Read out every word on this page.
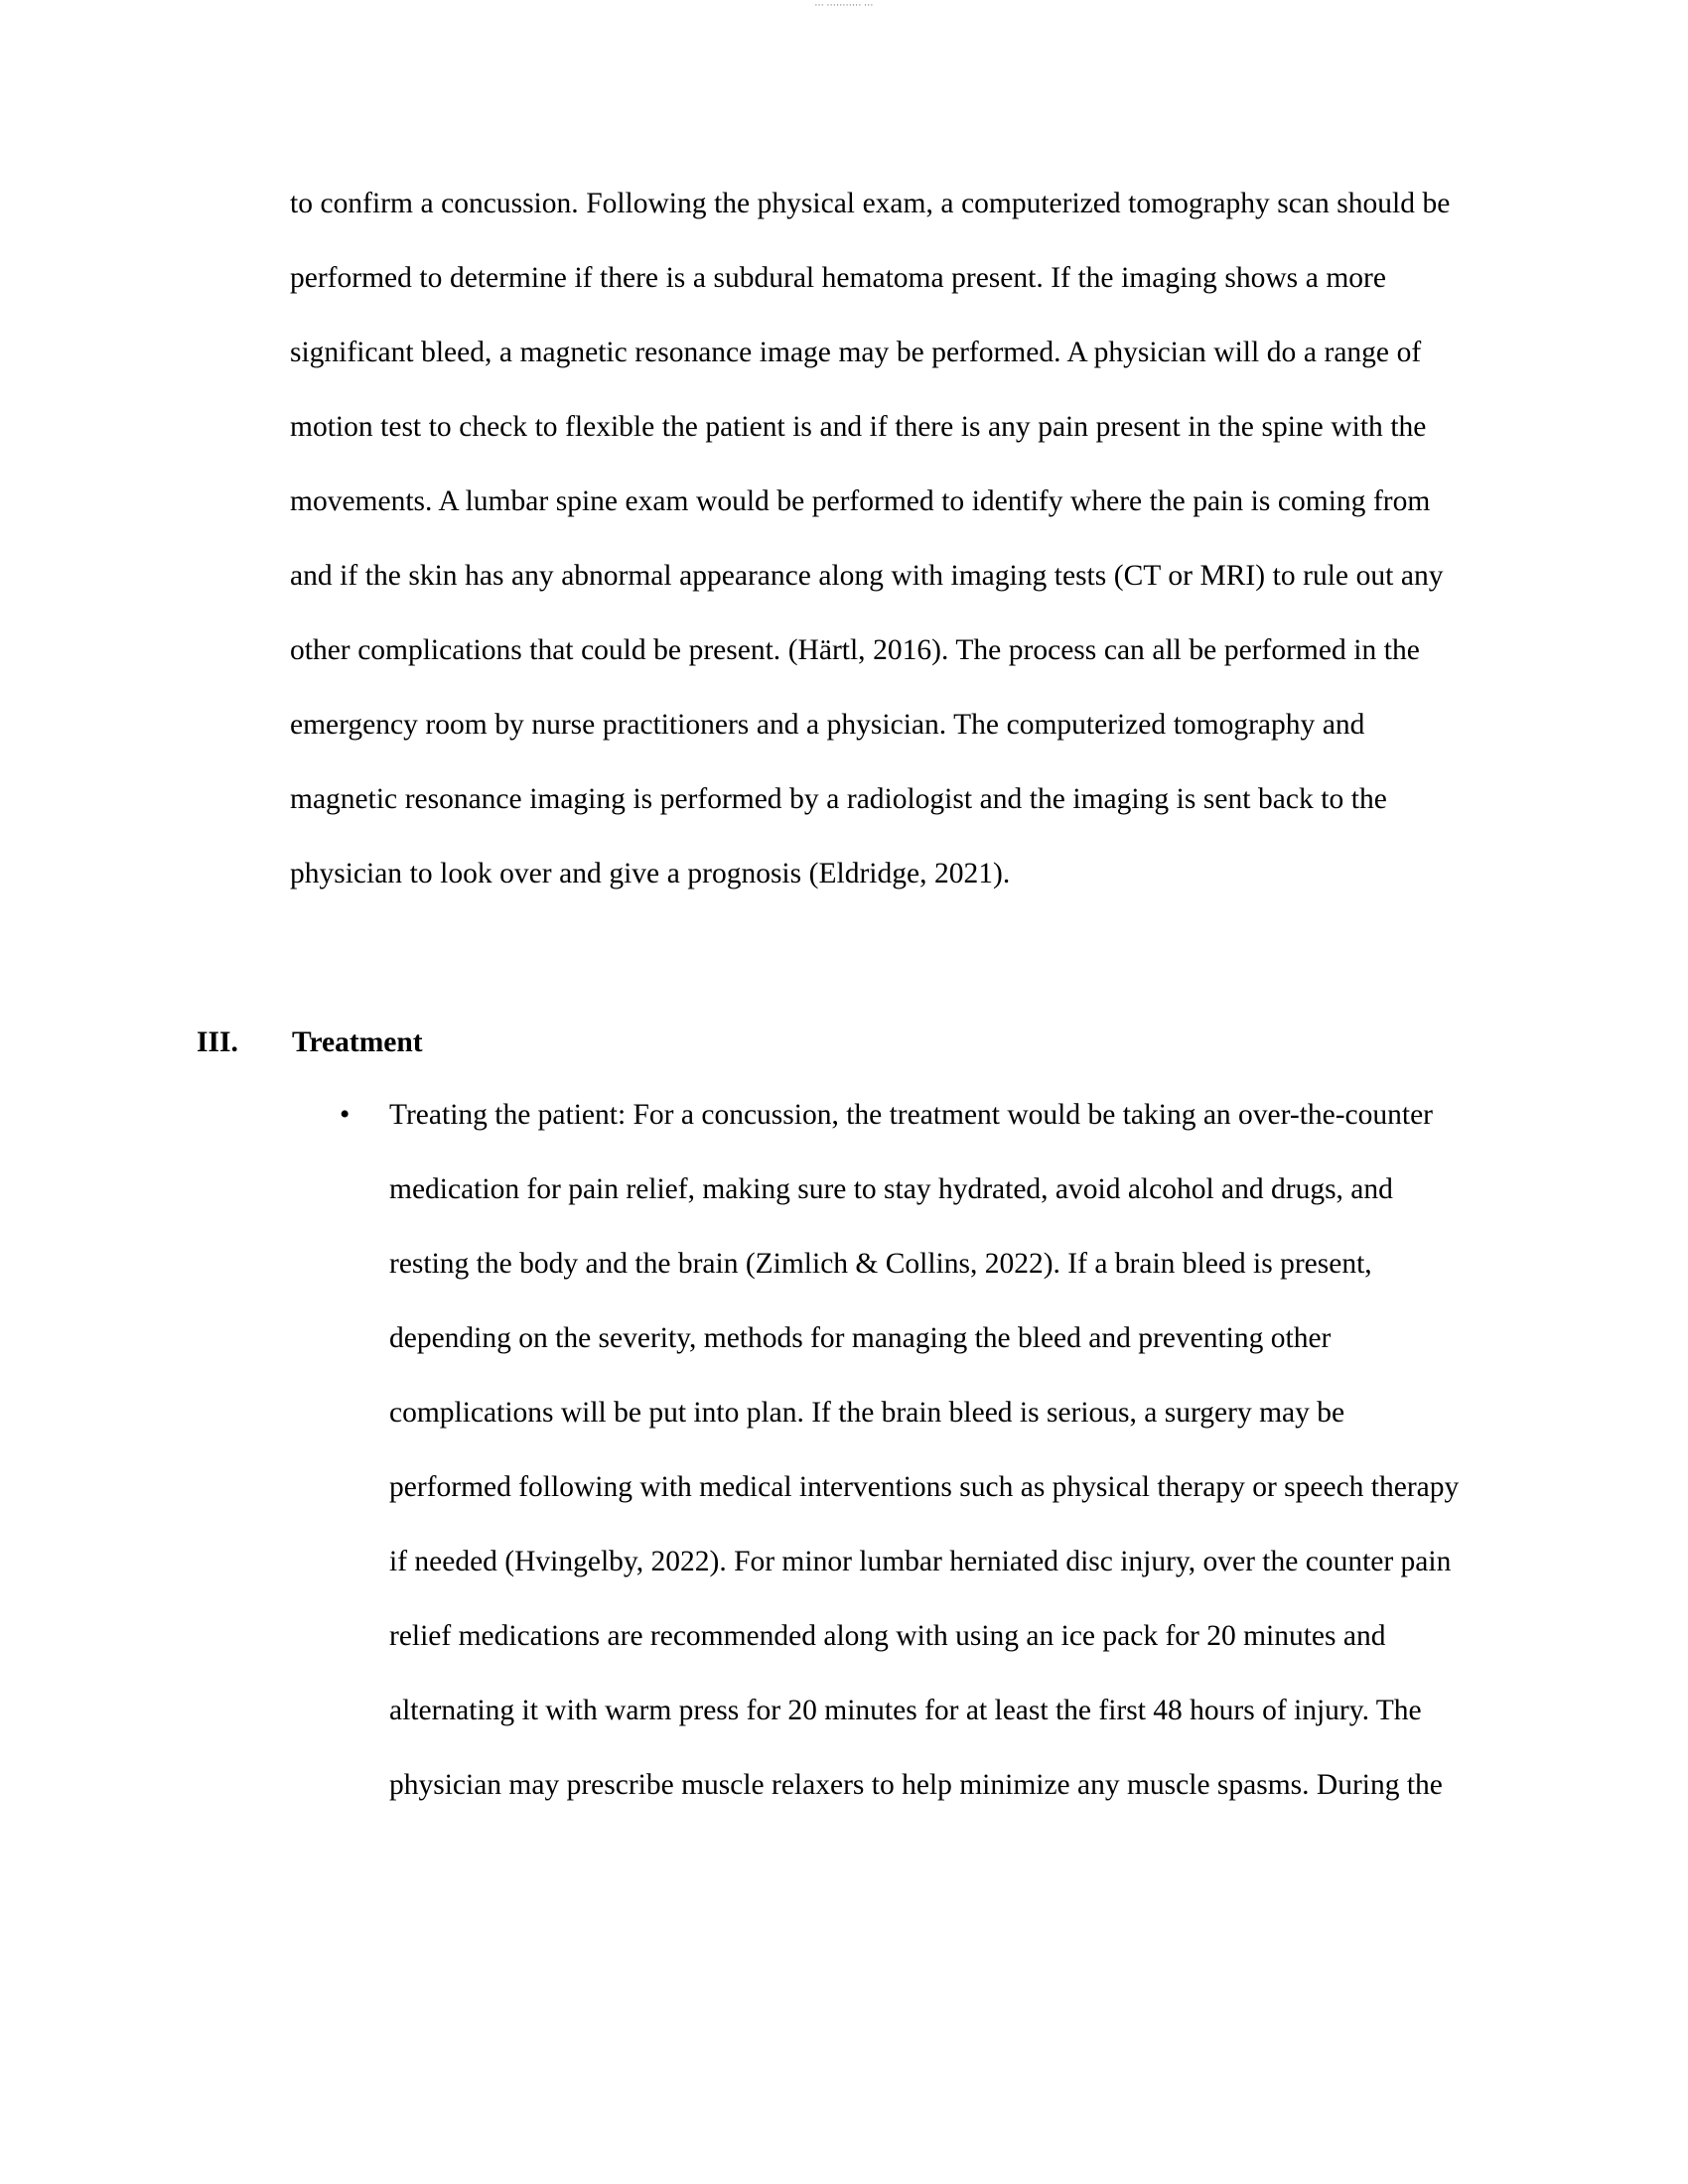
··· ··········· ···

to confirm a concussion. Following the physical exam, a computerized tomography scan should be performed to determine if there is a subdural hematoma present. If the imaging shows a more significant bleed, a magnetic resonance image may be performed. A physician will do a range of motion test to check to flexible the patient is and if there is any pain present in the spine with the movements. A lumbar spine exam would be performed to identify where the pain is coming from and if the skin has any abnormal appearance along with imaging tests (CT or MRI) to rule out any other complications that could be present. (Härtl, 2016). The process can all be performed in the emergency room by nurse practitioners and a physician. The computerized tomography and magnetic resonance imaging is performed by a radiologist and the imaging is sent back to the physician to look over and give a prognosis (Eldridge, 2021).

III.	Treatment
•	Treating the patient: For a concussion, the treatment would be taking an over-the-counter medication for pain relief, making sure to stay hydrated, avoid alcohol and drugs, and resting the body and the brain (Zimlich & Collins, 2022). If a brain bleed is present, depending on the severity, methods for managing the bleed and preventing other complications will be put into plan. If the brain bleed is serious, a surgery may be performed following with medical interventions such as physical therapy or speech therapy if needed (Hvingelby, 2022). For minor lumbar herniated disc injury, over the counter pain relief medications are recommended along with using an ice pack for 20 minutes and alternating it with warm press for 20 minutes for at least the first 48 hours of injury. The physician may prescribe muscle relaxers to help minimize any muscle spasms. During the
